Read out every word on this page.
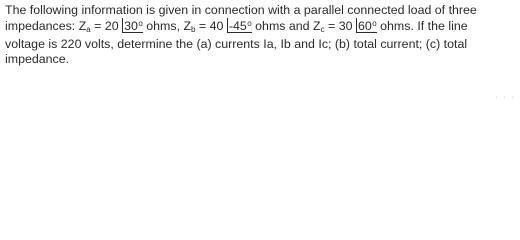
The following information is given in connection with a parallel connected load of three
impedances: Za = 20 30$^o$ ohms, Zb = 40 -45$^o$ ohms and Zc = 30 60$^o$ ohms. If the line
voltage is 220 volts, determine the (a) currents Ia, Ib and Ic; (b) total current; (c) total
impedance.
· · ·
